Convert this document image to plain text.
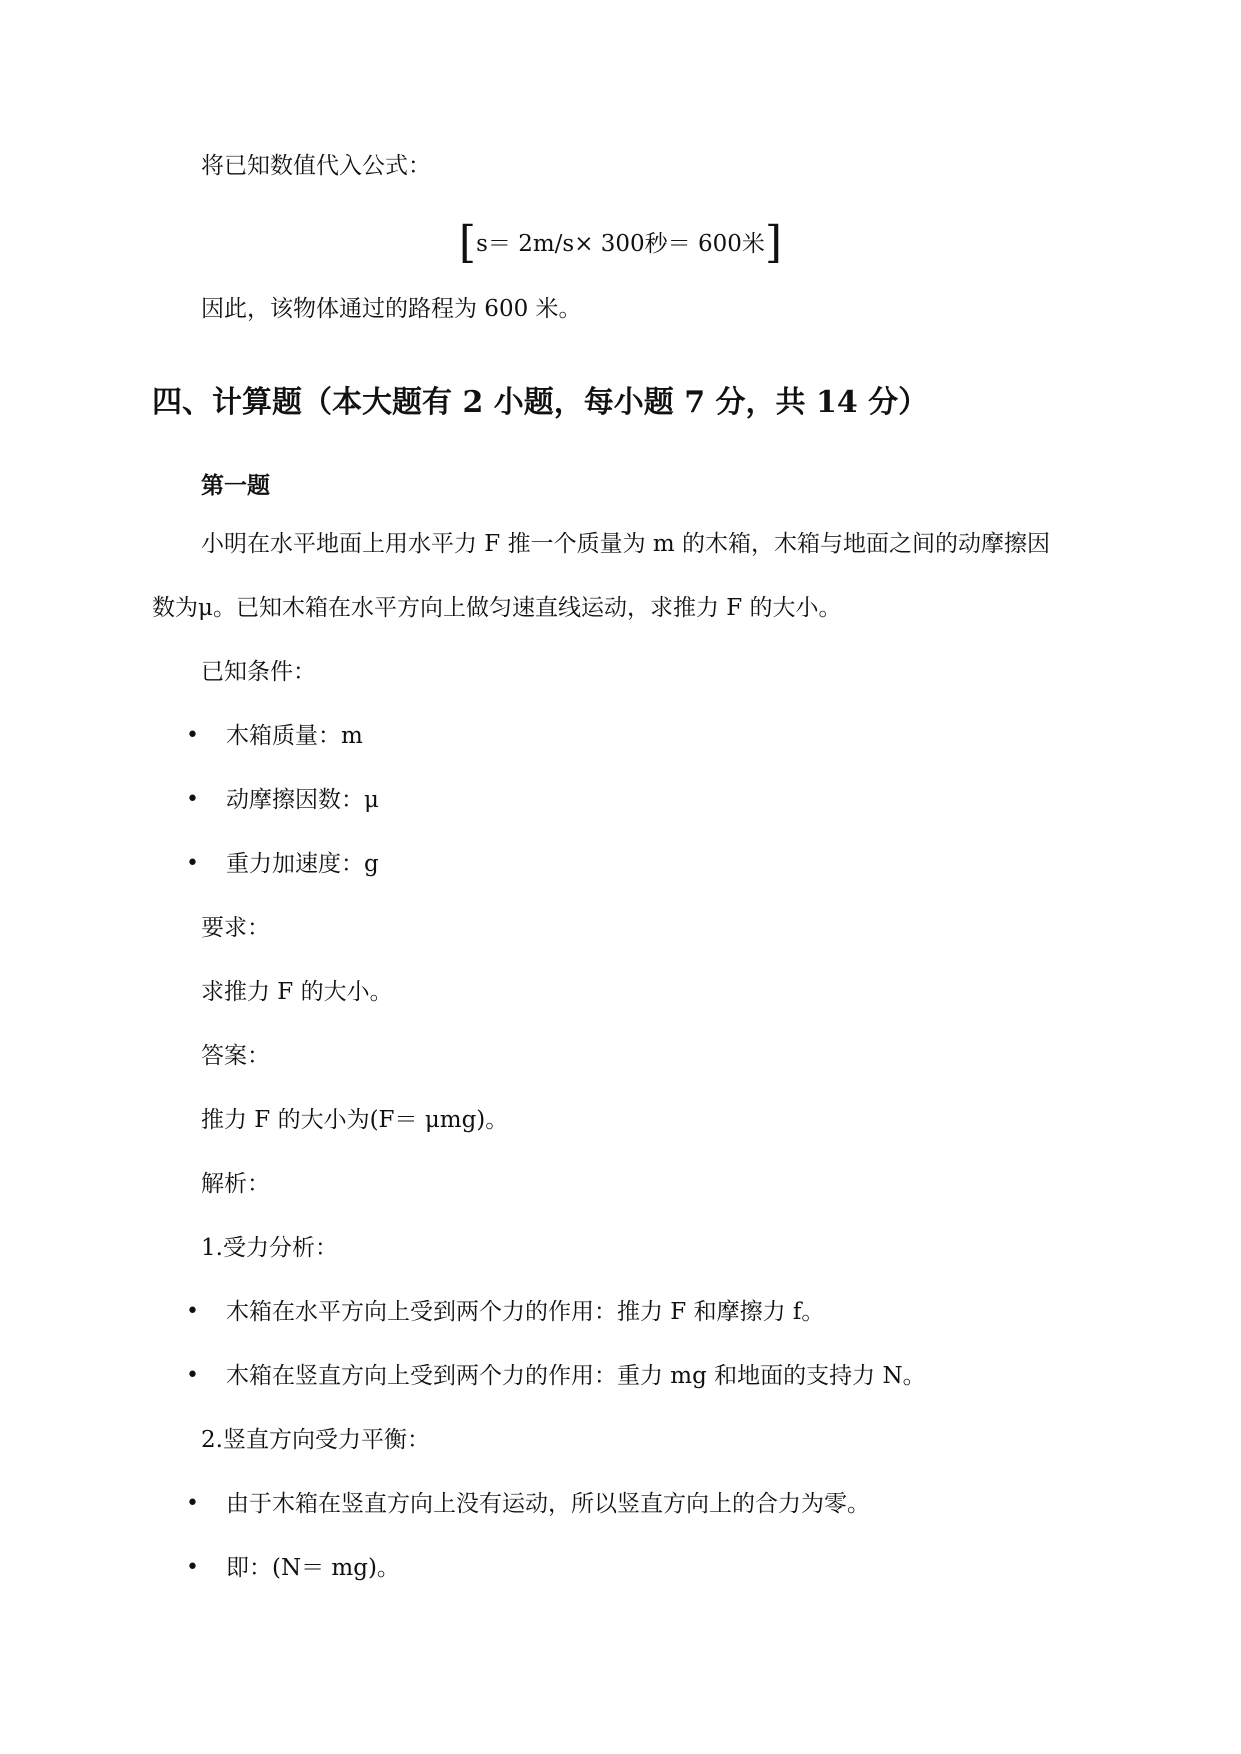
将已知数值代入公式：
[s＝ 2m/s× 300秒＝ 600米]
因此，该物体通过的路程为 600 米。
四、计算题（本大题有 2 小题，每小题 7 分，共 14 分）
第一题
小明在水平地面上用水平力 F 推一个质量为 m 的木箱，木箱与地面之间的动摩擦因
数为μ。已知木箱在水平方向上做匀速直线运动，求推力 F 的大小。
已知条件：
• 木箱质量：m
• 动摩擦因数：μ
• 重力加速度：g
要求：
求推力 F 的大小。
答案：
推力 F 的大小为(F＝ μmg)。
解析：
1.受力分析：
• 木箱在水平方向上受到两个力的作用：推力 F 和摩擦力 f。
• 木箱在竖直方向上受到两个力的作用：重力 mg 和地面的支持力 N。
2.竖直方向受力平衡：
• 由于木箱在竖直方向上没有运动，所以竖直方向上的合力为零。
• 即：(N＝ mg)。
